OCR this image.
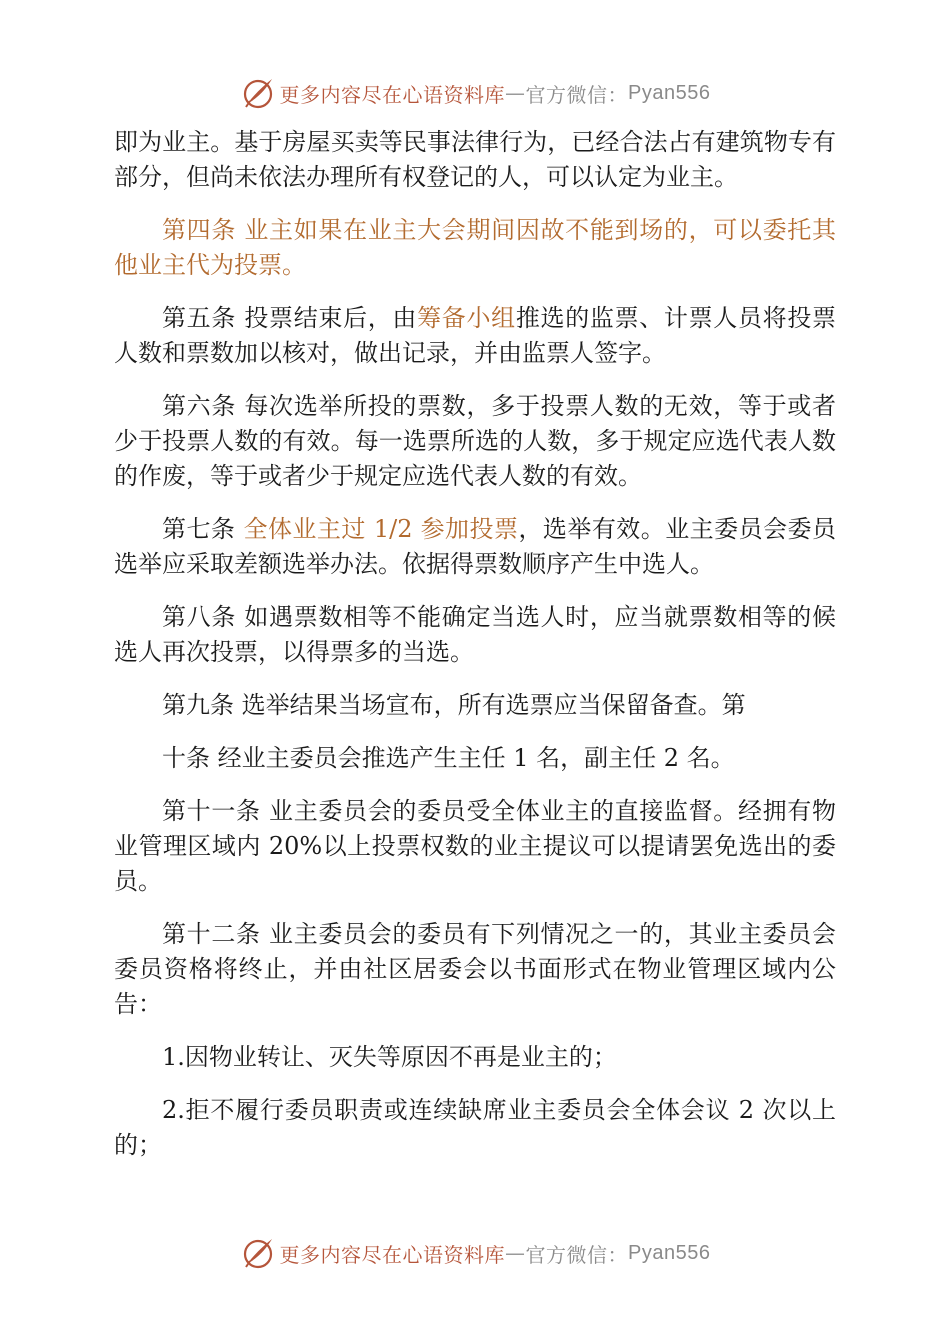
更多内容尽在心语资料库 — 官方微信： Pyan556

即为业主。基于房屋买卖等民事法律行为，已经合法占有建筑物专有部分，但尚未依法办理所有权登记的人，可以认定为业主。

第四条 业主如果在业主大会期间因故不能到场的，可以委托其他业主代为投票。

第五条 投票结束后，由筹备小组推选的监票、计票人员将投票人数和票数加以核对，做出记录，并由监票人签字。

第六条 每次选举所投的票数，多于投票人数的无效，等于或者少于投票人数的有效。每一选票所选的人数，多于规定应选代表人数的作废，等于或者少于规定应选代表人数的有效。

第七条 全体业主过 1/2 参加投票，选举有效。业主委员会委员选举应采取差额选举办法。依据得票数顺序产生中选人。

第八条 如遇票数相等不能确定当选人时，应当就票数相等的候选人再次投票，以得票多的当选。

第九条 选举结果当场宣布，所有选票应当保留备查。第

十条 经业主委员会推选产生主任 1 名，副主任 2 名。

第十一条 业主委员会的委员受全体业主的直接监督。经拥有物业管理区域内 20%以上投票权数的业主提议可以提请罢免选出的委员。

第十二条 业主委员会的委员有下列情况之一的，其业主委员会委员资格将终止，并由社区居委会以书面形式在物业管理区域内公告：

1.因物业转让、灭失等原因不再是业主的；

2.拒不履行委员职责或连续缺席业主委员会全体会议 2 次以上的；

更多内容尽在心语资料库 — 官方微信： Pyan556
